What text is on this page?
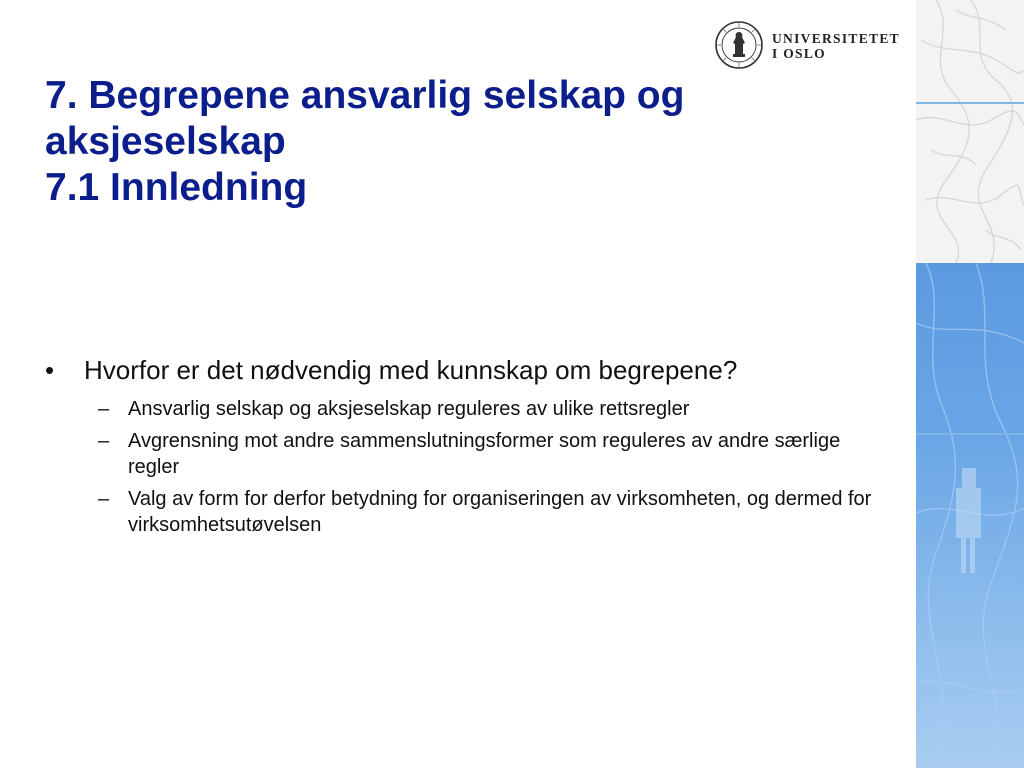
UNIVERSITETET
I OSLO
7. Begrepene ansvarlig selskap og
aksjeselskap
7.1 Innledning
• Hvorfor er det nødvendig med kunnskap om begrepene?
– Ansvarlig selskap og aksjeselskap reguleres av ulike rettsregler
– Avgrensning mot andre sammenslutningsformer som reguleres av andre særlige regler
– Valg av form for derfor betydning for organiseringen av virksomheten, og dermed for virksomhetsutøvelsen
